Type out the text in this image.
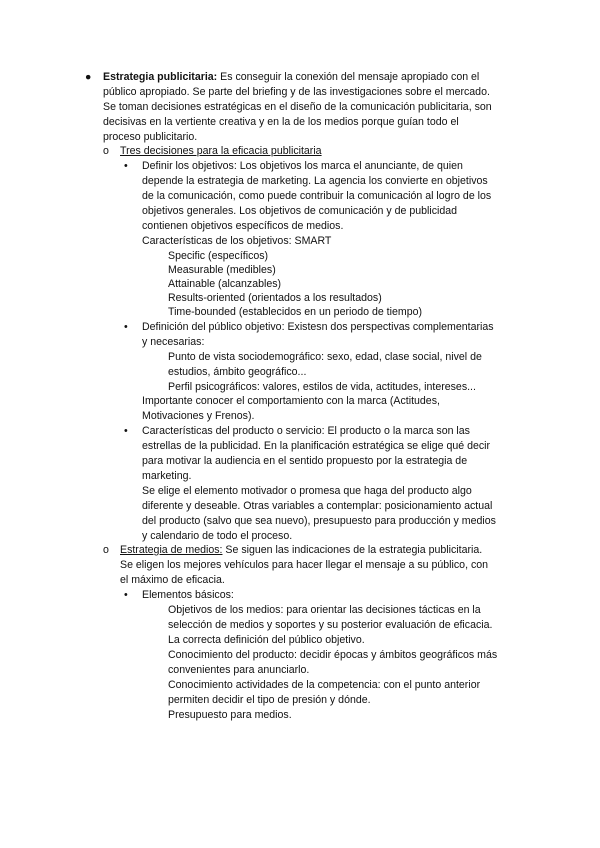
● Estrategia publicitaria: Es conseguir la conexión del mensaje apropiado con el
público apropiado. Se parte del briefing y de las investigaciones sobre el mercado.
Se toman decisiones estratégicas en el diseño de la comunicación publicitaria, son
decisivas en la vertiente creativa y en la de los medios porque guían todo el
proceso publicitario.
o Tres decisiones para la eficacia publicitaria
• Definir los objetivos: Los objetivos los marca el anunciante, de quien
depende la estrategia de marketing. La agencia los convierte en objetivos
de la comunicación, como puede contribuir la comunicación al logro de los
objetivos generales. Los objetivos de comunicación y de publicidad
contienen objetivos específicos de medios.
Características de los objetivos: SMART
Specific (específicos)
Measurable (medibles)
Attainable (alcanzables)
Results-oriented (orientados a los resultados)
Time-bounded (establecidos en un periodo de tiempo)
• Definición del público objetivo: Existesn dos perspectivas complementarias
y necesarias:
Punto de vista sociodemográfico: sexo, edad, clase social, nivel de
estudios, ámbito geográfico...
Perfil psicográficos: valores, estilos de vida, actitudes, intereses...
Importante conocer el comportamiento con la marca (Actitudes,
Motivaciones y Frenos).
• Características del producto o servicio: El producto o la marca son las
estrellas de la publicidad. En la planificación estratégica se elige qué decir
para motivar la audiencia en el sentido propuesto por la estrategia de
marketing.
Se elige el elemento motivador o promesa que haga del producto algo
diferente y deseable. Otras variables a contemplar: posicionamiento actual
del producto (salvo que sea nuevo), presupuesto para producción y medios
y calendario de todo el proceso.
o Estrategia de medios: Se siguen las indicaciones de la estrategia publicitaria.
Se eligen los mejores vehículos para hacer llegar el mensaje a su público, con
el máximo de eficacia.
• Elementos básicos:
Objetivos de los medios: para orientar las decisiones tácticas en la
selección de medios y soportes y su posterior evaluación de eficacia.
La correcta definición del público objetivo.
Conocimiento del producto: decidir épocas y ámbitos geográficos más
convenientes para anunciarlo.
Conocimiento actividades de la competencia: con el punto anterior
permiten decidir el tipo de presión y dónde.
Presupuesto para medios.
